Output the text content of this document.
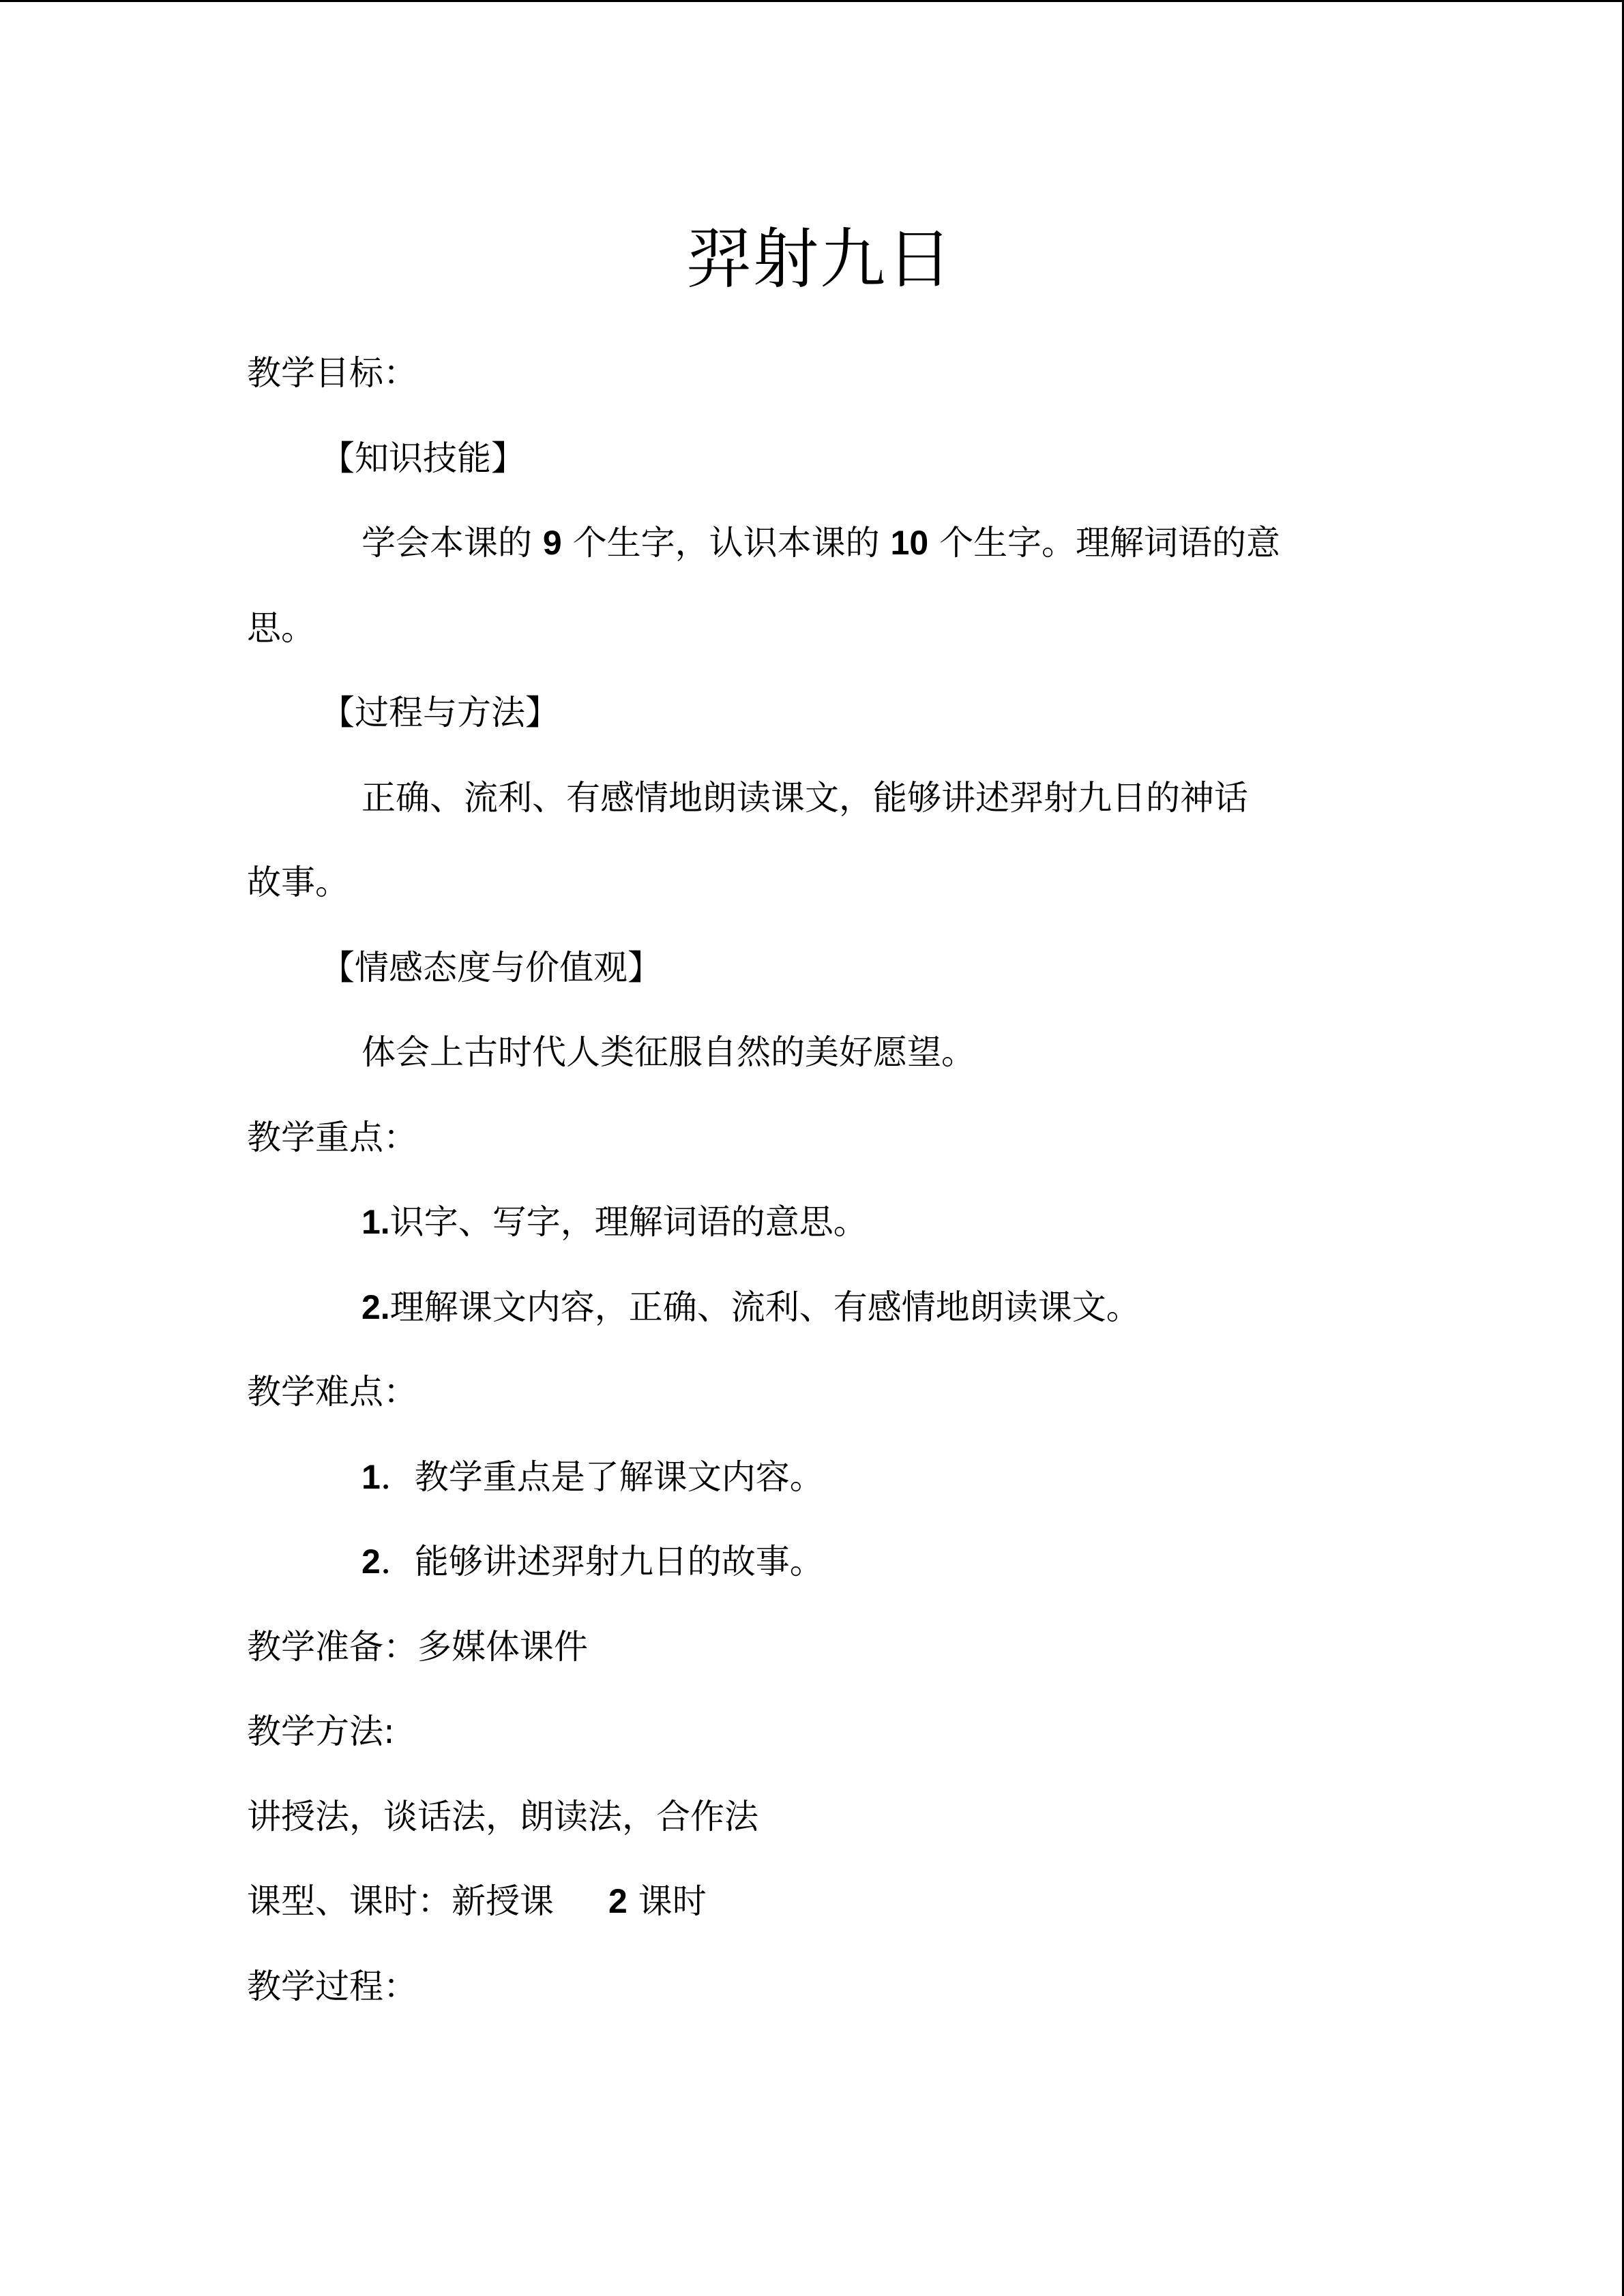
羿射九日
教学目标：
【知识技能】
学会本课的 9 个生字，认识本课的 10 个生字。理解词语的意
思。
【过程与方法】
正确、流利、有感情地朗读课文，能够讲述羿射九日的神话
故事。
【情感态度与价值观】
体会上古时代人类征服自然的美好愿望。
教学重点：
1.识字、写字，理解词语的意思。
2.理解课文内容，正确、流利、有感情地朗读课文。
教学难点：
1．教学重点是了解课文内容。
2．能够讲述羿射九日的故事。
教学准备：多媒体课件
教学方法:
讲授法，谈话法，朗读法，合作法
课型、课时：新授课 2 课时
教学过程：
